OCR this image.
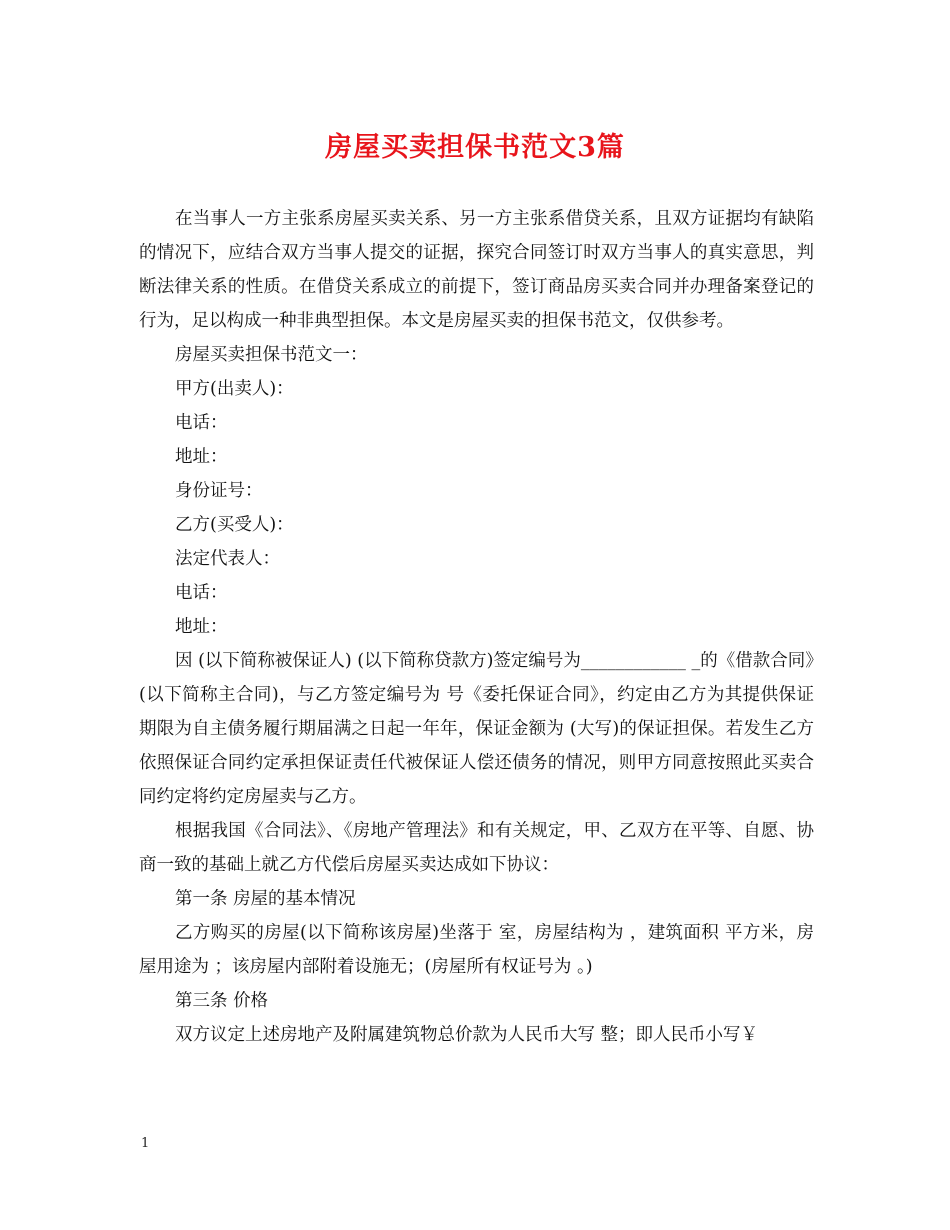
房屋买卖担保书范文3篇

在当事人一方主张系房屋买卖关系、另一方主张系借贷关系，且双方证据均有缺陷的情况下，应结合双方当事人提交的证据，探究合同签订时双方当事人的真实意思，判断法律关系的性质。在借贷关系成立的前提下，签订商品房买卖合同并办理备案登记的行为，足以构成一种非典型担保。本文是房屋买卖的担保书范文，仅供参考。

房屋买卖担保书范文一：

甲方(出卖人)：

电话：

地址：

身份证号：

乙方(买受人)：

法定代表人：

电话：

地址：

因 (以下简称被保证人) (以下简称贷款方)签定编号为____________ _的《借款合同》(以下简称主合同)，与乙方签定编号为 号《委托保证合同》，约定由乙方为其提供保证期限为自主债务履行期届满之日起一年年，保证金额为 (大写)的保证担保。若发生乙方依照保证合同约定承担保证责任代被保证人偿还债务的情况，则甲方同意按照此买卖合同约定将约定房屋卖与乙方。

根据我国《合同法》、《房地产管理法》和有关规定，甲、乙双方在平等、自愿、协商一致的基础上就乙方代偿后房屋买卖达成如下协议：

第一条 房屋的基本情况

乙方购买的房屋(以下简称该房屋)坐落于 室，房屋结构为 ，建筑面积 平方米，房屋用途为 ；该房屋内部附着设施无；(房屋所有权证号为 。)

第三条 价格

双方议定上述房地产及附属建筑物总价款为人民币大写 整；即人民币小写￥

1
